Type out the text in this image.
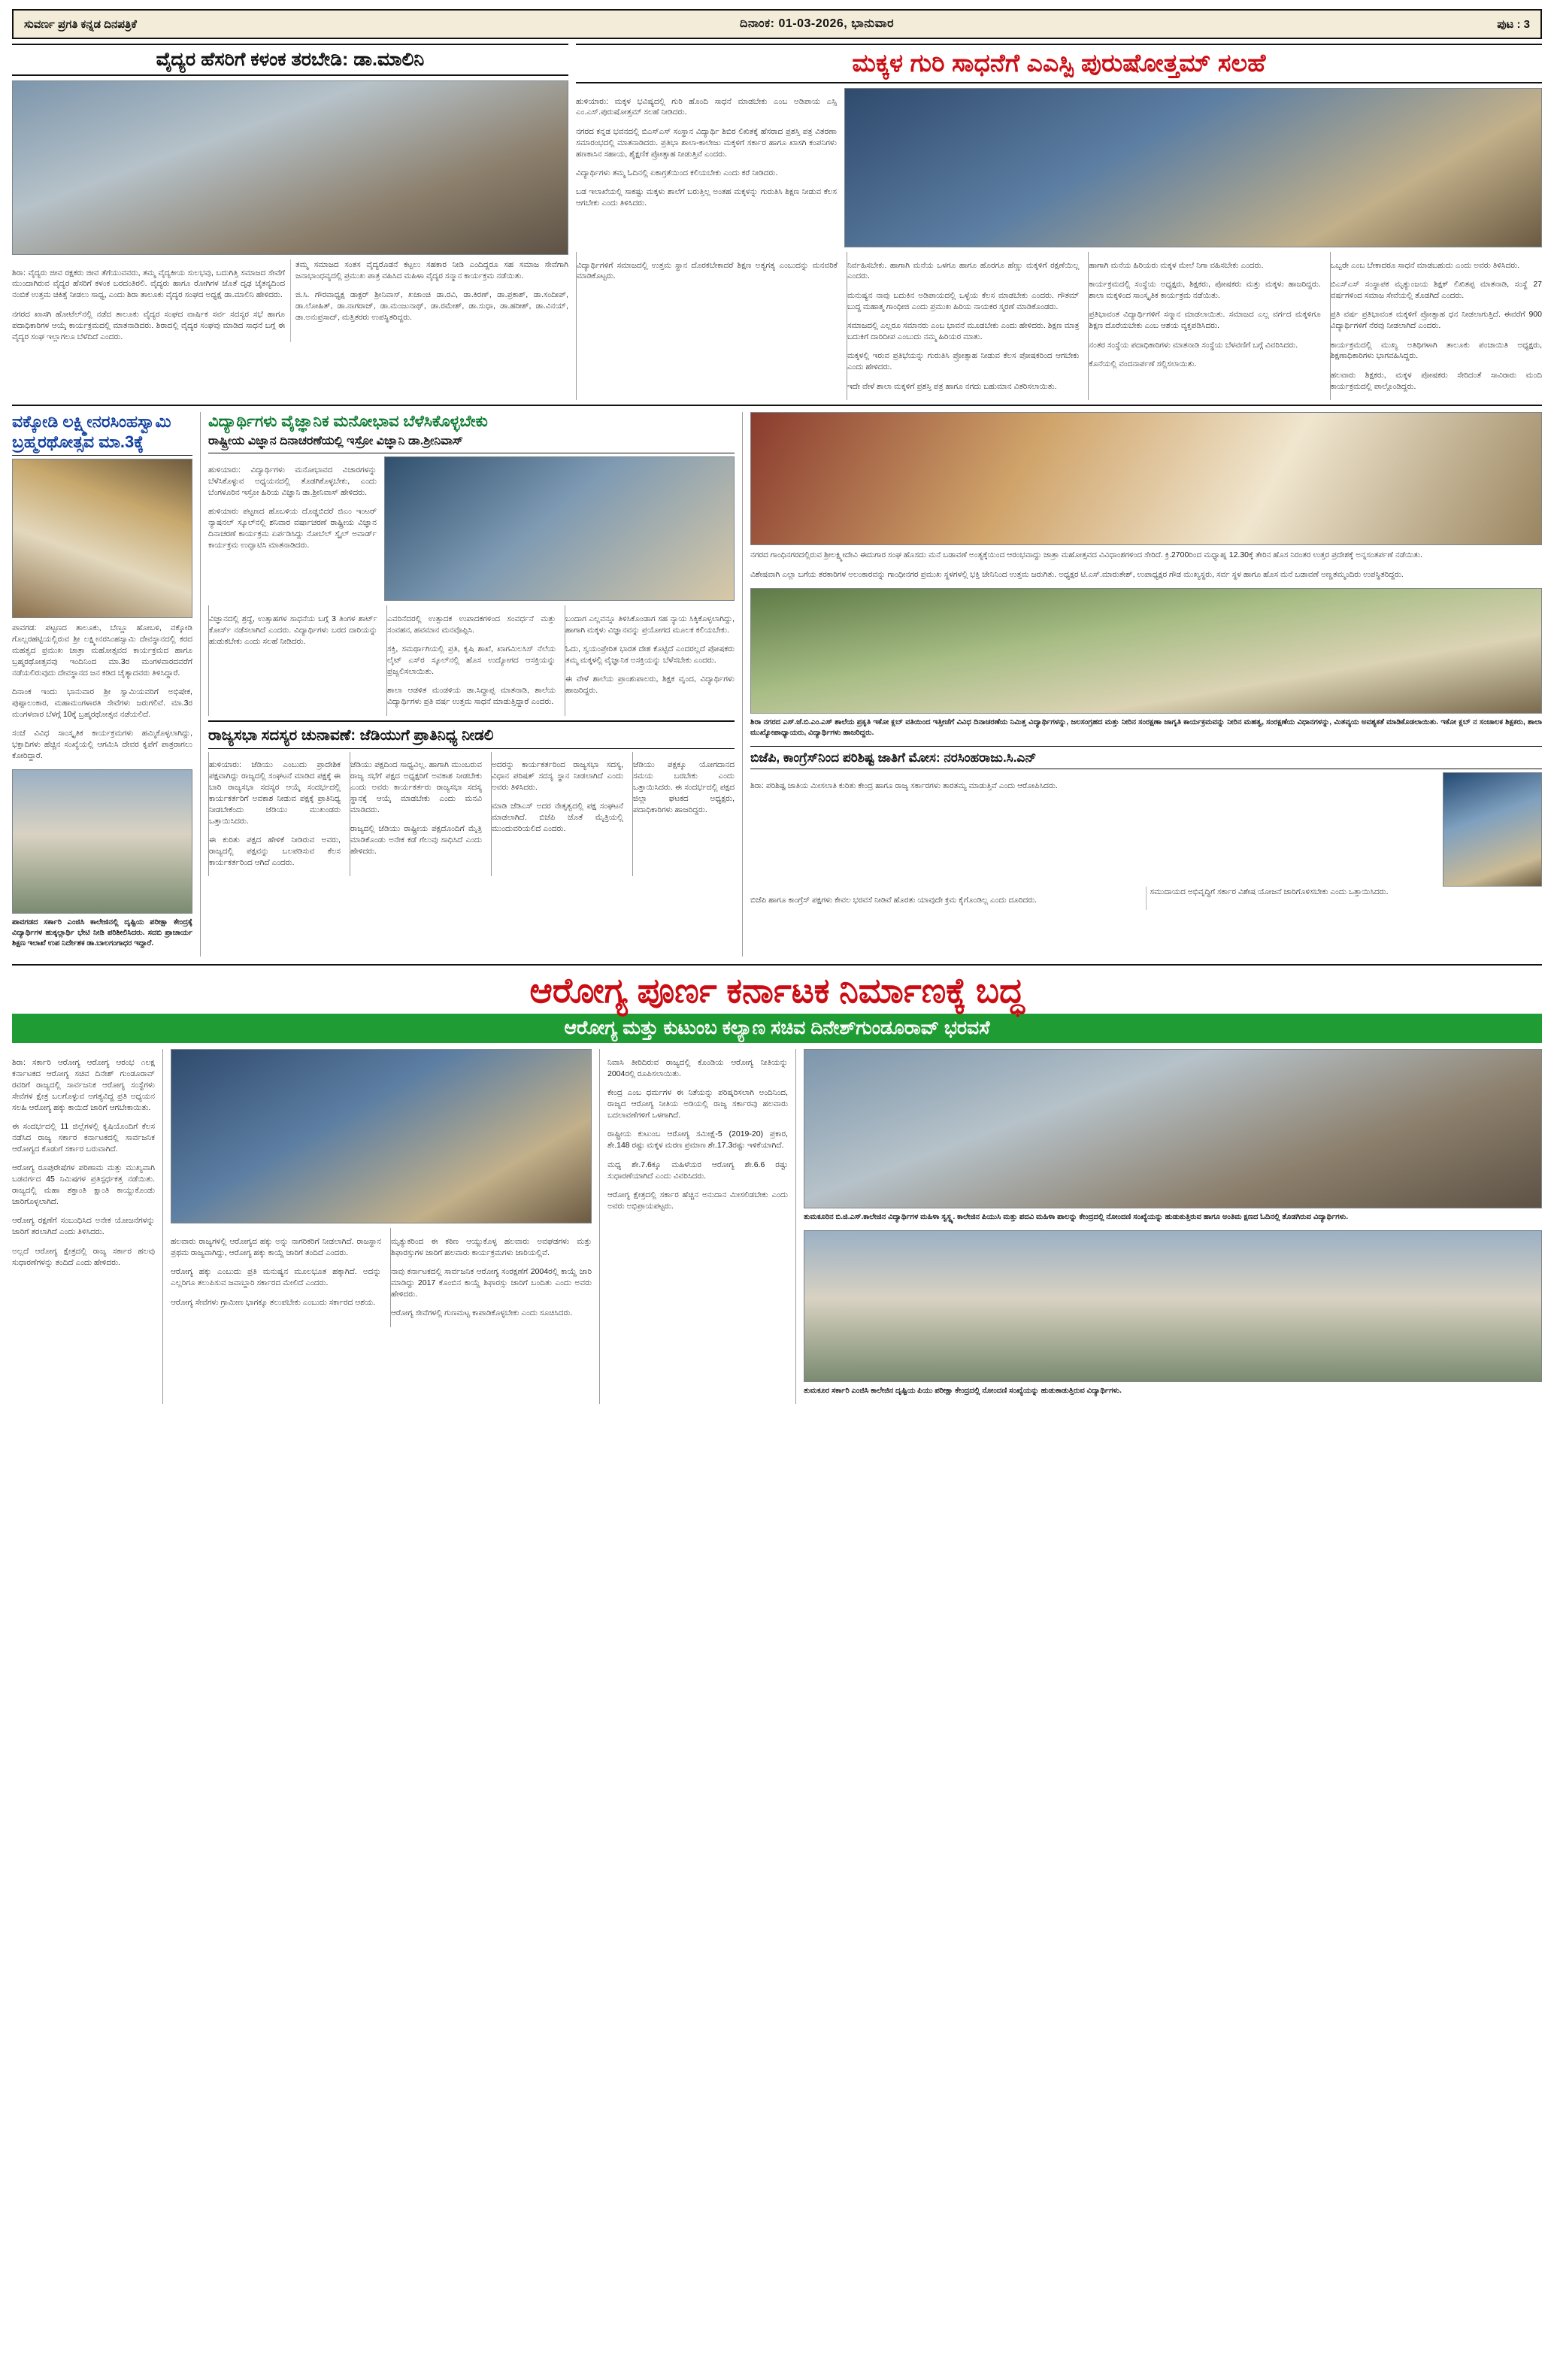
ಸುವರ್ಣ ಪ್ರಗತಿ ಕನ್ನಡ ದಿನಪತ್ರಿಕೆ	ದಿನಾಂಕ: 01-03-2026, ಭಾನುವಾರ	ಪುಟ : 3
ವೈದ್ಯರ ಹೆಸರಿಗೆ ಕಳಂಕ ತರಬೇಡಿ: ಡಾ.ಮಾಲಿನಿ

ಶಿರಾ: ವೈದ್ಯರು ಜೀವ ರಕ್ಷಕರು ಜೀವ ತೆಗೆಯುವವರು, ತಮ್ಮ ವೈದ್ಯಕೀಯ ಸುಲಭವು, ಬದುಗಿತ್ತಿ ಸಮಾಜದ ಸೇವೆಗೆ ಮುಂದಾಗಿರುವ ವೈದ್ಯರ ಹೆಸರಿಗೆ ಕಳಂಕ ಬರದಂತಿರಲಿ. ವೈದ್ಯರು ಹಾಗೂ ರೋಗಿಗಳ ಜೊತೆ ದೃಢ ಚೈತನ್ಯದಿಂದ ನಂಬಿಕೆ ಉತ್ತಮ ಚಿಕಿತ್ಸೆ ನೀಡಲು ಸಾಧ್ಯ, ಎಂದು ಶಿರಾ ತಾಲೂಕು ವೈದ್ಯರ ಸಂಘದ ಅಧ್ಯಕ್ಷೆ ಡಾ.ಮಾಲಿನಿ ಹೇಳಿದರು.

ನಗರದ ಖಾಸಗಿ ಹೋಟೆಲ್‌ನಲ್ಲಿ ನಡೆದ ತಾಲೂಕು ವೈದ್ಯರ ಸಂಘದ ವಾರ್ಷಿಕ ಸರ್ವ ಸದಸ್ಯರ ಸಭೆ ಹಾಗೂ ಪದಾಧಿಕಾರಿಗಳ ಆಯ್ಕೆ ಕಾರ್ಯಕ್ರಮದಲ್ಲಿ ಮಾತನಾಡಿದರು. ಶಿರಾದಲ್ಲಿ ವೈದ್ಯರ ಸಂಘವು ಮಾಡಿದ ಸಾಧನೆ ಬಗ್ಗೆ ಈ ವೈದ್ಯರ ಸಂಘ ಇಲ್ಲಾಗಲೂ ಬೆಳೆದಿದೆ ಎಂದರು.

ತಮ್ಮ ಸಮಾಜದ ಸಂತಸ ವೈದ್ಯರೊಡನೆ ಕಟ್ಟಲು ಸಹಕಾರ ನೀಡಿ ಎಂದಿದ್ದರೂ ಸಹ ಸಮಾಜ ಸೇವೆಗಾಗಿ ಜನಾಭಾಂಧವ್ಯದಲ್ಲಿ ಪ್ರಮುಖ ಪಾತ್ರ ವಹಿಸಿದ ಮಹಿಳಾ ವೈದ್ಯರ ಸನ್ಮಾನ ಕಾರ್ಯಕ್ರಮ ನಡೆಯಿತು.

ಜಿ.ಸಿ. ಗೌರವಾಧ್ಯಕ್ಷ ಡಾಕ್ಟರ್ ಶ್ರೀನಿವಾಸ್, ಖಜಾಂಚಿ ಡಾ.ರವಿ, ಡಾ.ಕಿರಣ್, ಡಾ.ಪ್ರಕಾಶ್, ಡಾ.ಸಂದೀಪ್, ಡಾ.ಲೋಹಿತ್, ಡಾ.ನಾಗರಾಜ್, ಡಾ.ಮಂಜುನಾಥ್, ಡಾ.ರಮೇಶ್, ಡಾ.ಸುಧಾ, ಡಾ.ಹರೀಶ್, ಡಾ.ವಿನಯ್, ಡಾ.ಅನುಪ್ರಸಾದ್, ಮತ್ತಿತರರು ಉಪಸ್ಥಿತರಿದ್ದರು.

ಮಕ್ಕಳ ಗುರಿ ಸಾಧನೆಗೆ ಎಎಸ್ಪಿ ಪುರುಷೋತ್ತಮ್ ಸಲಹೆ

ಹುಳಿಯಾರು: ಮಕ್ಕಳ ಭವಿಷ್ಯದಲ್ಲಿ ಗುರಿ ಹೊಂದಿ ಸಾಧನೆ ಮಾಡಬೇಕು ಎಂಬ ಅಡಿಪಾಯ ಎಸ್ಸಿ ಎಂ.ಎಸ್.ಪುರುಷೋತ್ತಮ್ ಸಲಹೆ ನೀಡಿದರು.

ನಗರದ ಕನ್ನಡ ಭವನದಲ್ಲಿ ಬಿಎಸ್ಎಸ್ ಸಂಸ್ಥಾನ ವಿದ್ಯಾರ್ಥಿ ಶಿಬಿರ ಲಿಖಿತಕ್ಕೆ ಹೆಸರಾದ ಪ್ರಶಸ್ತಿ ಪತ್ರ ವಿತರಣಾ ಸಮಾರಂಭದಲ್ಲಿ ಮಾತನಾಡಿದರು. ಪ್ರತಿಭಾ ಶಾಲಾ-ಕಾಲೇಜು ಮಕ್ಕಳಿಗೆ ಸರ್ಕಾರ ಹಾಗೂ ಖಾಸಗಿ ಕಂಪನಿಗಳು ಹಣಕಾಸಿನ ಸಹಾಯ, ಶೈಕ್ಷಣಿಕ ಪ್ರೋತ್ಸಾಹ ನೀಡುತ್ತಿವೆ ಎಂದರು.

ವಿದ್ಯಾರ್ಥಿಗಳು ತಮ್ಮ ಓದಿನಲ್ಲಿ ಏಕಾಗ್ರತೆಯಿಂದ ಕಲಿಯಬೇಕು ಎಂದು ಕರೆ ನೀಡಿದರು.

ಬಡ ಇಲಾಖೆಯಲ್ಲಿ ಸಾಕಷ್ಟು ಮಕ್ಕಳು ಶಾಲೆಗೆ ಬರುತ್ತಿಲ್ಲ ಅಂತಹ ಮಕ್ಕಳನ್ನು ಗುರುತಿಸಿ ಶಿಕ್ಷಣ ನೀಡುವ ಕೆಲಸ ಆಗಬೇಕು ಎಂದು ತಿಳಿಸಿದರು.

ವಿದ್ಯಾರ್ಥಿಗಳಿಗೆ ಸಮಾಜದಲ್ಲಿ ಉತ್ತಮ ಸ್ಥಾನ ದೊರಕಬೇಕಾದರೆ ಶಿಕ್ಷಣ ಅತ್ಯಗತ್ಯ ಎಂಬುದನ್ನು ಮನವರಿಕೆ ಮಾಡಿಕೊಟ್ಟರು.

ನಿರ್ವಹಿಸಬೇಕು. ಹಾಗಾಗಿ ಮನೆಯ ಒಳಗೂ ಹಾಗೂ ಹೊರಗೂ ಹೆಣ್ಣು ಮಕ್ಕಳಿಗೆ ರಕ್ಷಣೆಯಿಲ್ಲ ಎಂದರು.

ಮನುಷ್ಯನ ನಾವು ಬದುಕಿನ ಅಡಿಪಾಯದಲ್ಲಿ ಒಳ್ಳೆಯ ಕೆಲಸ ಮಾಡಬೇಕು ಎಂದರು. ಗೌತಮ್ ಬುದ್ಧ ಮಹಾತ್ಮ ಗಾಂಧೀಜಿ ಎಂದು ಪ್ರಮುಖ ಹಿರಿಯ ನಾಯಕರ ಸ್ಮರಣೆ ಮಾಡಿಕೊಂಡರು.

ಸಮಾಜದಲ್ಲಿ ಎಲ್ಲರೂ ಸಮಾನರು ಎಂಬ ಭಾವನೆ ಮೂಡಬೇಕು ಎಂದು ಹೇಳಿದರು. ಶಿಕ್ಷಣ ಮಾತ್ರ ಬದುಕಿಗೆ ದಾರಿದೀಪ ಎಂಬುದು ನಮ್ಮ ಹಿರಿಯರ ಮಾತು.

ಮಕ್ಕಳಲ್ಲಿ ಇರುವ ಪ್ರತಿಭೆಯನ್ನು ಗುರುತಿಸಿ ಪ್ರೋತ್ಸಾಹ ನೀಡುವ ಕೆಲಸ ಪೋಷಕರಿಂದ ಆಗಬೇಕು ಎಂದು ಹೇಳಿದರು.

ಇದೇ ವೇಳೆ ಶಾಲಾ ಮಕ್ಕಳಿಗೆ ಪ್ರಶಸ್ತಿ ಪತ್ರ ಹಾಗೂ ನಗದು ಬಹುಮಾನ ವಿತರಿಸಲಾಯಿತು.

ಹಾಗಾಗಿ ಮನೆಯ ಹಿರಿಯರು ಮಕ್ಕಳ ಮೇಲೆ ನಿಗಾ ವಹಿಸಬೇಕು ಎಂದರು.

ಕಾರ್ಯಕ್ರಮದಲ್ಲಿ ಸಂಸ್ಥೆಯ ಅಧ್ಯಕ್ಷರು, ಶಿಕ್ಷಕರು, ಪೋಷಕರು ಮತ್ತು ಮಕ್ಕಳು ಹಾಜರಿದ್ದರು. ಶಾಲಾ ಮಕ್ಕಳಿಂದ ಸಾಂಸ್ಕೃತಿಕ ಕಾರ್ಯಕ್ರಮ ನಡೆಯಿತು.

ಪ್ರತಿಭಾವಂತ ವಿದ್ಯಾರ್ಥಿಗಳಿಗೆ ಸನ್ಮಾನ ಮಾಡಲಾಯಿತು. ಸಮಾಜದ ಎಲ್ಲ ವರ್ಗದ ಮಕ್ಕಳಿಗೂ ಶಿಕ್ಷಣ ದೊರೆಯಬೇಕು ಎಂಬ ಆಶಯ ವ್ಯಕ್ತಪಡಿಸಿದರು.

ನಂತರ ಸಂಸ್ಥೆಯ ಪದಾಧಿಕಾರಿಗಳು ಮಾತನಾಡಿ ಸಂಸ್ಥೆಯ ಬೆಳವಣಿಗೆ ಬಗ್ಗೆ ವಿವರಿಸಿದರು.

ಕೊನೆಯಲ್ಲಿ ವಂದನಾರ್ಪಣೆ ಸಲ್ಲಿಸಲಾಯಿತು.

ಒಬ್ಬರೇ ಎಂಬ ಬೇಕಾದರೂ ಸಾಧನೆ ಮಾಡಬಹುದು ಎಂದು ಅವರು ತಿಳಿಸಿದರು.

ಬಿಎಸ್ಎಸ್ ಸಂಸ್ಥಾಪಕ ಮೃತ್ಯುಂಜಯ ಶಿಕ್ಷಕ್ ಲಿಖಿತಪ್ಪ ಮಾತನಾಡಿ, ಸಂಸ್ಥೆ 27 ವರ್ಷಗಳಿಂದ ಸಮಾಜ ಸೇವೆಯಲ್ಲಿ ತೊಡಗಿದೆ ಎಂದರು.

ಪ್ರತಿ ವರ್ಷ ಪ್ರತಿಭಾವಂತ ಮಕ್ಕಳಿಗೆ ಪ್ರೋತ್ಸಾಹ ಧನ ನೀಡಲಾಗುತ್ತಿದೆ. ಈವರೆಗೆ 900 ವಿದ್ಯಾರ್ಥಿಗಳಿಗೆ ನೆರವು ನೀಡಲಾಗಿದೆ ಎಂದರು.

ಕಾರ್ಯಕ್ರಮದಲ್ಲಿ ಮುಖ್ಯ ಅತಿಥಿಗಳಾಗಿ ತಾಲೂಕು ಪಂಚಾಯಿತಿ ಅಧ್ಯಕ್ಷರು, ಶಿಕ್ಷಣಾಧಿಕಾರಿಗಳು ಭಾಗವಹಿಸಿದ್ದರು.

ಹಲವಾರು ಶಿಕ್ಷಕರು, ಮಕ್ಕಳ ಪೋಷಕರು ಸೇರಿದಂತೆ ಸಾವಿರಾರು ಮಂದಿ ಕಾರ್ಯಕ್ರಮದಲ್ಲಿ ಪಾಲ್ಗೊಂಡಿದ್ದರು.

ವಕ್ಕೋಡಿ ಲಕ್ಷ್ಮೀನರಸಿಂಹಸ್ವಾಮಿ ಬ್ರಹ್ಮರಥೋತ್ಸವ ಮಾ.3ಕ್ಕೆ

ಪಾವಗಡ: ಪಟ್ಟಣದ ತಾಲೂಕು, ಬೆಣ್ಣೂ ಹೋಬಳಿ, ವಕ್ಕೋಡಿ ಗೊಲ್ಲರಹಟ್ಟಿಯಲ್ಲಿರುವ ಶ್ರೀ ಲಕ್ಷ್ಮೀನರಸಿಂಹಸ್ವಾಮಿ ದೇವಸ್ಥಾನದಲ್ಲಿ ಕರದ ಮಹತ್ವದ ಪ್ರಮುಖ ಜಾತ್ರಾ ಮಹೋತ್ಸವದ ಕಾರ್ಯಕ್ರಮದ ಹಾಗೂ ಬ್ರಹ್ಮರಥೋತ್ಸವವು ಇಂದಿನಿಂದ ಮಾ.3ರ ಮಂಗಳವಾರದವರೆಗೆ ನಡೆಯಲಿರುವುದು ದೇವಸ್ಥಾನದ ಜನ ಕಡಿದ ಚೈತ್ಯಾದವರು ತಿಳಿಸಿದ್ದಾರೆ.

ದಿನಾಂಕ ಇಂದು ಭಾನುವಾರ ಶ್ರೀ ಸ್ವಾಮಿಯವರಿಗೆ ಅಭಿಷೇಕ, ಪುಷ್ಪಾಲಂಕಾರ, ಮಹಾಮಂಗಳಾರತಿ ಸೇವೆಗಳು ಜರುಗಲಿವೆ. ಮಾ.3ರ ಮಂಗಳವಾರ ಬೆಳಗ್ಗೆ 10ಕ್ಕೆ ಬ್ರಹ್ಮರಥೋತ್ಸವ ನಡೆಯಲಿದೆ.

ಸಂಜೆ ವಿವಿಧ ಸಾಂಸ್ಕೃತಿಕ ಕಾರ್ಯಕ್ರಮಗಳು ಹಮ್ಮಿಕೊಳ್ಳಲಾಗಿದ್ದು, ಭಕ್ತಾದಿಗಳು ಹೆಚ್ಚಿನ ಸಂಖ್ಯೆಯಲ್ಲಿ ಆಗಮಿಸಿ ದೇವರ ಕೃಪೆಗೆ ಪಾತ್ರರಾಗಲು ಕೋರಿದ್ದಾರೆ.

ಪಾವಗಡದ ಸರ್ಕಾರಿ ಎಂಜಿಸಿ ಕಾಲೇಜಿನಲ್ಲಿ ದೃಷ್ಟಿಯ ಪರೀಕ್ಷಾ ಕೇಂದ್ರಕ್ಕೆ ವಿದ್ಯಾರ್ಥಿಗಳ ಹುಕ್ಕಲ್ಲಾರ್ಥಿ ಭೇಟಿ ನೀಡಿ ಪರಿಶೀಲಿಸಿದರು. ಸದಬಿ ಪ್ರಾಚಾರ್ಯ ಶಿಕ್ಷಣ ಇಲಾಖೆ ಉಪ ನಿರ್ದೇಶಕ ಡಾ.ಬಾಲಗಂಗಾಧರ ಇದ್ದಾರೆ.

ವಿದ್ಯಾರ್ಥಿಗಳು ವೈಜ್ಞಾನಿಕ ಮನೋಭಾವ ಬೆಳೆಸಿಕೊಳ್ಳಬೇಕು
ರಾಷ್ಟ್ರೀಯ ವಿಜ್ಞಾನ ದಿನಾಚರಣೆಯಲ್ಲಿ ಇಸ್ರೋ ವಿಜ್ಞಾನಿ ಡಾ.ಶ್ರೀನಿವಾಸ್

ಹುಳಿಯಾರು: ವಿದ್ಯಾರ್ಥಿಗಳು ಮನೋಭಾವದ ವಿಚಾರಗಳನ್ನು ಬೆಳೆಸಿಕೊಳ್ಳುವ ಅಧ್ಯಯನದಲ್ಲಿ ತೊಡಗಿಕೊಳ್ಳಬೇಕು, ಎಂದು ಬೆಂಗಳೂರಿನ ಇಸ್ರೋ ಹಿರಿಯ ವಿಜ್ಞಾನಿ ಡಾ.ಶ್ರೀನಿವಾಸ್ ಹೇಳಿದರು.

ಹುಳಿಯಾರು ಪಟ್ಟಣದ ಹೊಬಳಿಯ ದೊಡ್ಡಬಿದರೆ ಜಿಎಂ ಇಂಟರ್ ನ್ಯಾಷನಲ್ ಸ್ಕೂಲ್‌ನಲ್ಲಿ ಶನಿವಾರ ವರ್ಷಾಚರಣೆ ರಾಷ್ಟ್ರೀಯ ವಿಜ್ಞಾನ ದಿನಾಚರಣೆ ಕಾರ್ಯಕ್ರಮ ಏರ್ಪಡಿಸಿದ್ದು ನೋಬೆಲ್ ಸ್ಕೈಲ್ ಅವಾರ್ಡ್ ಕಾರ್ಯಕ್ರಮ ಉದ್ಘಾಟಿಸಿ ಮಾತನಾಡಿದರು.

ವಿಜ್ಞಾನದಲ್ಲಿ ಶ್ರದ್ಧೆ, ಉತ್ಸಾಹಗಳ ಸಾಧನೆಯ ಬಗ್ಗೆ 3 ತಿಂಗಳ ಶಾರ್ಟ್ ಕೋರ್ಸ್ ನಡೆಸಲಾಗಿದೆ ಎಂದರು. ವಿದ್ಯಾರ್ಥಿಗಳು ಬರದ ದಾರಿಯನ್ನು ಹುಡುಕಬೇಕು ಎಂದು ಸಲಹೆ ನೀಡಿದರು.

ಎವರಿನೆದರಲ್ಲಿ ಉತ್ಪಾದಕ ಉಪಾದಕಗಳಿಂದ ಸಂವರ್ಧನೆ ಮತ್ತು ಸಂವಹನ, ಹವಮಾನ ಮನವೊಪ್ಪಿಸಿ.

ಸಕ್ತಿ, ಸಮರ್ಥಾಗಿಯಲ್ಲಿ ಪ್ರತಿ, ಕೃಷಿ ಶಾಖೆ, ಖಾಗಮಿಲಸಿಸ್ ನೆಲೆಯ ಲೈಟ್ ಎಸ್‌ರ ಸ್ಕೂಲ್‌ನಲ್ಲಿ ಹೊಸ ಉದ್ಯೋಗದ ಆಸಕ್ತಿಯನ್ನು ಪ್ರಜ್ವಲಿಸಲಾಯಿತು.

ಶಾಲಾ ಆಡಳಿತ ಮಂಡಳಿಯ ಡಾ.ಸಿದ್ಧಾಪ್ಪ ಮಾತನಾಡಿ, ಶಾಲೆಯ ವಿದ್ಯಾರ್ಥಿಗಳು ಪ್ರತಿ ವರ್ಷ ಉತ್ತಮ ಸಾಧನೆ ಮಾಡುತ್ತಿದ್ದಾರೆ ಎಂದರು.

ಬಂದಾಗ ಎಲ್ಲವನ್ನೂ ತಿಳಿಸಿಕೊಂಡಾಗ ಸಹ ನ್ಯಾಯ ಸಿಕ್ಕಿಕೊಳ್ಳಲಾಗಿದ್ದು, ಹಾಗಾಗಿ ಮಕ್ಕಳು ವಿಜ್ಞಾನವನ್ನು ಪ್ರಯೋಗದ ಮೂಲಕ ಕಲಿಯಬೇಕು.

ಓದು, ಸ್ವಯಂಪ್ರೇರಿತ ಭಾರತ ದೇಶ ಕೊಟ್ಟಿದೆ ಎಂದರಲ್ಲದೆ ಪೋಷಕರು ತಮ್ಮ ಮಕ್ಕಳಲ್ಲಿ ವೈಜ್ಞಾನಿಕ ಅಸಕ್ತಿಯನ್ನು ಬೆಳೆಸಬೇಕು ಎಂದರು.

ಈ ವೇಳೆ ಶಾಲೆಯ ಪ್ರಾಂಶುಪಾಲರು, ಶಿಕ್ಷಕ ವೃಂದ, ವಿದ್ಯಾರ್ಥಿಗಳು ಹಾಜರಿದ್ದರು.

ರಾಜ್ಯಸಭಾ ಸದಸ್ಯರ ಚುನಾವಣೆ: ಜೆಡಿಯುಗೆ ಪ್ರಾತಿನಿಧ್ಯ ನೀಡಲಿ

ಹುಳಿಯಾರು: ಜೆಡಿಯು ಎಂಬುದು ಪ್ರಾದೇಶಿಕ ಪಕ್ಷವಾಗಿದ್ದು ರಾಜ್ಯದಲ್ಲಿ ಸಂಘಟನೆ ಮಾಡಿದ ಪಕ್ಷಕ್ಕೆ ಈ ಬಾರಿ ರಾಜ್ಯಸಭಾ ಸದಸ್ಯರ ಆಯ್ಕೆ ಸಂದರ್ಭದಲ್ಲಿ ಕಾರ್ಯಕರ್ತರಿಗೆ ಅವಕಾಶ ನೀಡುವ ಪಕ್ಷಕ್ಕೆ ಪ್ರಾತಿನಿಧ್ಯ ನೀಡಬೇಕೆಂದು ಜೆಡಿಯು ಮುಖಂಡರು ಒತ್ತಾಯಿಸಿದರು.

ಈ ಕುರಿತು ಪಕ್ಷದ ಹೇಳಿಕೆ ನೀಡಿರುವ ಅವರು, ರಾಜ್ಯದಲ್ಲಿ ಪಕ್ಷವನ್ನು ಬಲಪಡಿಸುವ ಕೆಲಸ ಕಾರ್ಯಕರ್ತರಿಂದ ಆಗಿದೆ ಎಂದರು.

ಜೆಡಿಯು ಪಕ್ಷದಿಂದ ಸಾಧ್ಯವಿಲ್ಲ. ಹಾಗಾಗಿ ಮುಂಬರುವ ರಾಜ್ಯ ಸಭೆಗೆ ಪಕ್ಷದ ಅಧ್ಯಕ್ಷರಿಗೆ ಅವಕಾಶ ನೀಡಬೇಕು ಎಂದು ಅವರು ಕಾರ್ಯಕರ್ತರು ರಾಜ್ಯಸಭಾ ಸದಸ್ಯ ಸ್ಥಾನಕ್ಕೆ ಆಯ್ಕೆ ಮಾಡಬೇಕು ಎಂದು ಮನವಿ ಮಾಡಿದರು.

ರಾಜ್ಯದಲ್ಲಿ ಜೆಡಿಯು ರಾಷ್ಟ್ರೀಯ ಪಕ್ಷದೊಂದಿಗೆ ಮೈತ್ರಿ ಮಾಡಿಕೊಂಡು ಅನೇಕ ಕಡೆ ಗೆಲುವು ಸಾಧಿಸಿದೆ ಎಂದು ಹೇಳಿದರು.

ಅದರನ್ನು ಕಾರ್ಯಕರ್ತರಿಂದ ರಾಜ್ಯಸಭಾ ಸದಸ್ಯ, ವಿಧಾನ ಪರಿಷತ್ ಸದಸ್ಯ ಸ್ಥಾನ ನೀಡಲಾಗಿದೆ ಎಂದು ಅವರು ತಿಳಿಸಿದರು.

ಮಾಡಿ ಜೆಡಿಎಸ್ ಅದರ ನೇತೃತ್ವದಲ್ಲಿ ಪಕ್ಷ ಸಂಘಟನೆ ಮಾಡಲಾಗಿದೆ. ಬಿಜೆಪಿ ಜೊತೆ ಮೈತ್ರಿಯಲ್ಲಿ ಮುಂದುವರಿಯಲಿದೆ ಎಂದರು.

ಜೆಡಿಯು ಪಕ್ಷಕ್ಕೂ ಯೋಗದಾನದ ಸಮಯ ಬರಬೇಕು ಎಂದು ಒತ್ತಾಯಿಸಿದರು. ಈ ಸಂದರ್ಭದಲ್ಲಿ ಪಕ್ಷದ ಜಿಲ್ಲಾ ಘಟಕದ ಅಧ್ಯಕ್ಷರು, ಪದಾಧಿಕಾರಿಗಳು ಹಾಜರಿದ್ದರು.

ನಗರದ ಗಾಂಧಿನಗರದಲ್ಲಿರುವ ಶ್ರೀಲಕ್ಷ್ಮೀದೇವಿ ಈದುಗಾರ ಸಂಘ ಹೊಸದು ಮನೆ ಬಡಾವಣೆ ಅಂತ್ಯಕ್ಕೆಯಿಂದ ಆರಂಭವಾದ್ದು ಜಾತ್ರಾ ಮಹೋತ್ಸವದ ವಿವಿಧಾಂಶಗಳಿಂದ ಸೇರಿದೆ. ಕ್ರಿ.2700ರಿಂದ ಮಧ್ಯಾಹ್ನ 12.30ಕ್ಕೆ ತೇರಿನ ಹೊಸ ನಿರಂತರ ಉತ್ತರ ಪ್ರದೇಶಕ್ಕೆ ಅನ್ನಸಂತರ್ಪಣೆ ನಡೆಯಿತು.

ವಿಶೇಷವಾಗಿ ಎಲ್ಲಾ ಬಗೆಯ ತರಕಾರಿಗಳ ಅಲಂಕಾರವನ್ನು ಗಾಂಧೀನಗರ ಪ್ರಮುಖ ಸ್ಥಳಗಳಲ್ಲಿ ಭಕ್ತಿ ಜೇನಿನಿಂದ ಉತ್ತಮ ಜರುಗಿತು. ಅಧ್ಯಕ್ಷರ ಟಿ.ಎಸ್.ಮಾರುತೇಶ್, ಉಪಾಧ್ಯಕ್ಷರ ಗೌಡ ಮುಖ್ಯಸ್ಥರು, ಸರ್ವ ಸ್ಥಳ ಹಾಗೂ ಹೊಸ ಮನೆ ಬಡಾವಣೆ ಅಣ್ಣತಮ್ಮಂದಿರು ಉಪಸ್ಥಿತರಿದ್ದರು.

ಶಿರಾ ನಗರದ ಎಸ್.ಜೆ.ಬಿ.ಎಂ.ಎಸ್ ಶಾಲೆಯ ಪ್ರಕೃತಿ ಇಕೋ ಕ್ಲಬ್ ವತಿಯಿಂದ ಇತ್ತೀಚೆಗೆ ವಿವಿಧ ದಿನಾಚರಣೆಯ ನಿಮಿತ್ತ ವಿದ್ಯಾರ್ಥಿಗಳನ್ನು, ಜಲಸಂಗ್ರಹದ ಮತ್ತು ನೀರಿನ ಸಂರಕ್ಷಣಾ ಜಾಗೃತಿ ಕಾರ್ಯಕ್ರಮವನ್ನು ನೀರಿನ ಮಹತ್ವ, ಸಂರಕ್ಷಣೆಯ ವಿಧಾನಗಳನ್ನು, ಮಿತವ್ಯಯ ಅವಶ್ಯಕತೆ ಮಾಡಿಕೊಡಲಾಯಿತು. ಇಕೋ ಕ್ಲಬ್ ನ ಸಂಚಾಲಕ ಶಿಕ್ಷಕರು, ಶಾಲಾ ಮುಖ್ಯೋಪಾಧ್ಯಾಯರು, ವಿದ್ಯಾರ್ಥಿಗಳು ಹಾಜರಿದ್ದರು.

ಬಿಜೆಪಿ, ಕಾಂಗ್ರೆಸ್‌ನಿಂದ ಪರಿಶಿಷ್ಟ ಜಾತಿಗೆ ಮೋಸ: ನರಸಿಂಹರಾಜು.ಸಿ.ಎನ್

ಶಿರಾ: ಪರಿಶಿಷ್ಟ ಜಾತಿಯ ಮೀಸಲಾತಿ ಕುರಿತು ಕೇಂದ್ರ ಹಾಗೂ ರಾಜ್ಯ ಸರ್ಕಾರಗಳು ತಾರತಮ್ಯ ಮಾಡುತ್ತಿವೆ ಎಂದು ಆರೋಪಿಸಿದರು.

ಬಿಜೆಪಿ ಹಾಗೂ ಕಾಂಗ್ರೆಸ್ ಪಕ್ಷಗಳು ಕೇವಲ ಭರವಸೆ ನೀಡಿವೆ ಹೊರತು ಯಾವುದೇ ಕ್ರಮ ಕೈಗೊಂಡಿಲ್ಲ ಎಂದು ದೂರಿದರು.

ಸಮುದಾಯದ ಅಭಿವೃದ್ಧಿಗೆ ಸರ್ಕಾರ ವಿಶೇಷ ಯೋಜನೆ ಜಾರಿಗೊಳಿಸಬೇಕು ಎಂದು ಒತ್ತಾಯಿಸಿದರು.

ಆರೋಗ್ಯ ಪೂರ್ಣ ಕರ್ನಾಟಕ ನಿರ್ಮಾಣಕ್ಕೆ ಬದ್ಧ
ಆರೋಗ್ಯ ಮತ್ತು ಕುಟುಂಬ ಕಲ್ಯಾಣ ಸಚಿವ ದಿನೇಶ್‌ಗುಂಡೂರಾವ್ ಭರವಸೆ

ಶಿರಾ: ಸರ್ಕಾರಿ ಆರೋಗ್ಯ ಆರೋಗ್ಯ ಆರಂಭ ೧ಲಕ್ಷ ಕರ್ನಾಟಕದ ಆರೋಗ್ಯ ಸಚಿವ ದಿನೇಶ್ ಗುಂಡೂರಾವ್ ರವರಿಗೆ ರಾಜ್ಯದಲ್ಲಿ ಸಾರ್ವಜನಿಕ ಆರೋಗ್ಯ ಸಂಸ್ಥೆಗಳು ಸೇವೆಗಳ ಕ್ಷೇತ್ರ ಬಲಗೊಳ್ಳುವ ಅಗತ್ಯವಿದ್ದ ಪ್ರತಿ ಅಧ್ಯಯನ ಸಲಹಿ ಆರೋಗ್ಯ ಹಕ್ಕು ಕಾಯಿದೆ ಜಾರಿಗೆ ಆಗಬೇಕಾಯಿತು.

ಈ ಸಂದರ್ಭದಲ್ಲಿ 11 ಜಿಲ್ಲೆಗಳಲ್ಲಿ ಕೃಷಿಯೊಂದಿಗೆ ಕೆಲಸ ನಡೆಸಿದ ರಾಜ್ಯ ಸರ್ಕಾರ ಕರ್ನಾಟಕದಲ್ಲಿ ಸಾರ್ವಜನಿಕ ಆರೋಗ್ಯದ ಕೊಡುಗೆ ಸರ್ಕಾರ ಬರುವಾಗಿದೆ.

ಆರೋಗ್ಯ ರೂಪುರೇಷೆಗಳ ಪರಿಣಾಮ ಮತ್ತು ಮುಖ್ಯವಾಗಿ ಬಡವರ್ಗದ 45 ನಿಮಿಷಗಳ ಪ್ರತಿಸ್ಪರ್ಧಕತ್ತ ನಡೆಯಿತು. ರಾಜ್ಯದಲ್ಲಿ ಮಹಾ ಶಕ್ತಾಂತಿ ಕ್ಷಾಂತಿ ಕಾಯ್ದುಕೊಂಡು ಜಾರಿಗೊಳ್ಳಲಾಗಿದೆ.

ಆರೋಗ್ಯ ರಕ್ಷಣೆಗೆ ಸಂಬಂಧಿಸಿದ ಅನೇಕ ಯೋಜನೆಗಳನ್ನು ಜಾರಿಗೆ ತರಲಾಗಿದೆ ಎಂದು ತಿಳಿಸಿದರು.

ಅಲ್ಲದೆ ಆರೋಗ್ಯ ಕ್ಷೇತ್ರದಲ್ಲಿ ರಾಜ್ಯ ಸರ್ಕಾರ ಹಲವು ಸುಧಾರಣೆಗಳನ್ನು ತಂದಿದೆ ಎಂದು ಹೇಳಿದರು.

ಹಲವಾರು ರಾಜ್ಯಗಳಲ್ಲಿ ಆರೋಗ್ಯದ ಹಕ್ಕು ಅನ್ನು ನಾಗರಿಕರಿಗೆ ನೀಡಲಾಗಿದೆ. ರಾಜಸ್ಥಾನ ಪ್ರಥಮ ರಾಜ್ಯವಾಗಿದ್ದು, ಆರೋಗ್ಯ ಹಕ್ಕು ಕಾಯ್ದೆ ಜಾರಿಗೆ ತಂದಿದೆ ಎಂದರು.

ಆರೋಗ್ಯ ಹಕ್ಕು ಎಂಬುದು ಪ್ರತಿ ಮನುಷ್ಯನ ಮೂಲಭೂತ ಹಕ್ಕಾಗಿದೆ. ಅದನ್ನು ಎಲ್ಲರಿಗೂ ತಲುಪಿಸುವ ಜವಾಬ್ದಾರಿ ಸರ್ಕಾರದ ಮೇಲಿದೆ ಎಂದರು.

ಆರೋಗ್ಯ ಸೇವೆಗಳು ಗ್ರಾಮೀಣ ಭಾಗಕ್ಕೂ ತಲುಪಬೇಕು ಎಂಬುದು ಸರ್ಕಾರದ ಆಶಯ.

ಮೃತ್ಯುಕರಿಂದ ಈ ಕಠಿಣ ಆಯ್ದುಕೊಳ್ಳ ಹಲವಾರು ಅವಘಡಗಳು ಮತ್ತು ಶಿಫಾರಸ್ಸುಗಳ ಜಾರಿಗೆ ಹಲವಾರು ಕಾರ್ಯಕ್ರಮಗಳು ಜಾರಿಯಲ್ಲಿವೆ.

ನಾವು ಕರ್ನಾಟಕದಲ್ಲಿ ಸಾರ್ವಜನಿಕ ಆರೋಗ್ಯ ಸಂರಕ್ಷಣೆಗೆ 2004ರಲ್ಲಿ ಕಾಯ್ದೆ ಜಾರಿ ಮಾಡಿದ್ದು 2017 ಕೊಂಬಿನ ಕಾಯ್ದೆ ಶಿಫಾರಸ್ಸು ಜಾರಿಗೆ ಬಂದಿತು ಎಂದು ಅವರು ಹೇಳಿದರು.

ಆರೋಗ್ಯ ಸೇವೆಗಳಲ್ಲಿ ಗುಣಮಟ್ಟ ಕಾಪಾಡಿಕೊಳ್ಳಬೇಕು ಎಂದು ಸೂಚಿಸಿದರು.

ನಿವಾಸಿ ತೀರಿದಿರುವ ರಾಜ್ಯದಲ್ಲಿ ಕೊಂಡಿಯ ಆರೋಗ್ಯ ನೀತಿಯನ್ನು 2004ರಲ್ಲಿ ರೂಪಿಸಲಾಯಿತು.

ಕೇಂದ್ರ ಎಂಬ ಧರ್ಮಗಳ ಈ ನಿತೆಯನ್ನು ಪರಿಷ್ಕರಿಸಲಾಗಿ ಅಂದಿನಿಂದ, ರಾಜ್ಯದ ಆರೋಗ್ಯ ನೀತಿಯ ಅಡಿಯಲ್ಲಿ ರಾಜ್ಯ ಸರ್ಕಾರವು ಹಲವಾರು ಬದಲಾವಣೆಗಳಿಗೆ ಒಳಗಾಗಿದೆ.

ರಾಷ್ಟ್ರೀಯ ಕುಟುಂಬ ಆರೋಗ್ಯ ಸಮೀಕ್ಷೆ-5 (2019-20) ಪ್ರಕಾರ, ಶೇ.148 ರಷ್ಟು ಮಕ್ಕಳ ಮರಣ ಪ್ರಮಾಣ ಶೇ.17.3ರಷ್ಟು ಇಳಿಕೆಯಾಗಿದೆ.

ಮಧ್ಯ ಶೇ.7.6ಕ್ಕೂ ಮಹಿಳೆಯರ ಆರೋಗ್ಯ ಶೇ.6.6 ರಷ್ಟು ಸುಧಾರಣೆಯಾಗಿದೆ ಎಂದು ವಿವರಿಸಿದರು.

ಆರೋಗ್ಯ ಕ್ಷೇತ್ರದಲ್ಲಿ ಸರ್ಕಾರ ಹೆಚ್ಚಿನ ಅನುದಾನ ಮೀಸಲಿಡಬೇಕು ಎಂದು ಅವರು ಅಭಿಪ್ರಾಯಪಟ್ಟರು.

ತುಮಕೂರಿನ ಬಿ.ಜಿ.ಎಸ್.ಕಾಲೇಜಿನ ವಿದ್ಯಾರ್ಥಿಗಳ ಮಹಿಳಾ ಸ್ವಸ್ಥ್ಯ. ಕಾಲೇಜಿನ ಪಿಯುಸಿ ಮತ್ತು ಪದವಿ ಮಹಿಳಾ ಪಾಲನ್ನು ಕೇಂದ್ರದಲ್ಲಿ ನೋಂದಣಿ ಸಂಖ್ಯೆಯನ್ನು ಹುಡುಕುತ್ತಿರುವ ಹಾಗೂ ಅಂತಿಮ ಕ್ಷಣದ ಓದಿನಲ್ಲಿ ತೊಡಗಿರುವ ವಿದ್ಯಾರ್ಥಿಗಳು.

ತುಮಕೂರ ಸರ್ಕಾರಿ ಎಂಜಿಸಿ ಕಾಲೇಜಿನ ದೃಷ್ಟಿಯ ಪಿಯು ಪರೀಕ್ಷಾ ಕೇಂದ್ರದಲ್ಲಿ ನೋಂದಣಿ ಸಂಖ್ಯೆಯನ್ನು ಹುಡುಕಾಡುತ್ತಿರುವ ವಿದ್ಯಾರ್ಥಿಗಳು.
